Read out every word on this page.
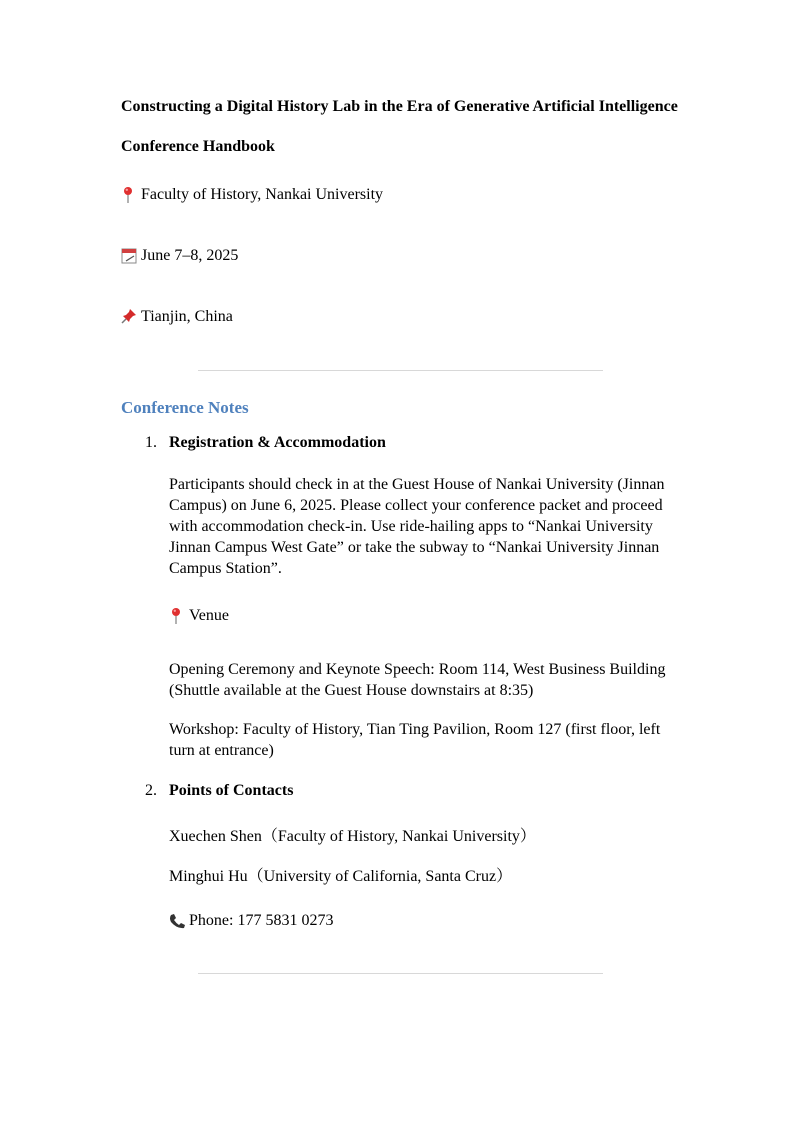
Constructing a Digital History Lab in the Era of Generative Artificial Intelligence
Conference Handbook
Faculty of History, Nankai University
June 7–8, 2025
Tianjin, China
Conference Notes
1. Registration & Accommodation
Participants should check in at the Guest House of Nankai University (Jinnan Campus) on June 6, 2025. Please collect your conference packet and proceed with accommodation check-in. Use ride-hailing apps to “Nankai University Jinnan Campus West Gate” or take the subway to “Nankai University Jinnan Campus Station”.
Venue
Opening Ceremony and Keynote Speech: Room 114, West Business Building (Shuttle available at the Guest House downstairs at 8:35)
Workshop: Faculty of History, Tian Ting Pavilion, Room 127 (first floor, left turn at entrance)
2. Points of Contacts
Xuechen Shen（Faculty of History, Nankai University）
Minghui Hu（University of California, Santa Cruz）
Phone: 177 5831 0273
